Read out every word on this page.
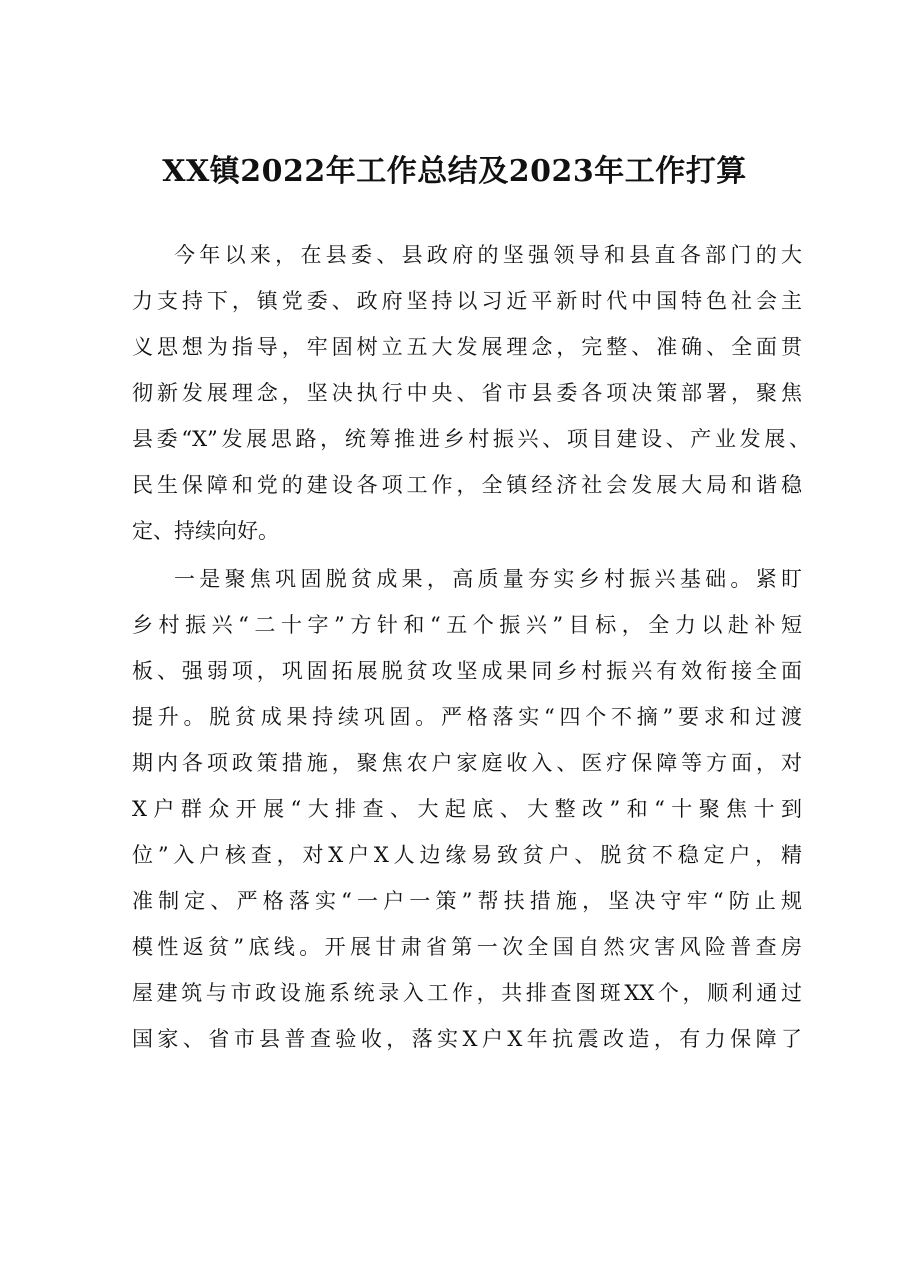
XX镇2022年工作总结及2023年工作打算
今年以来，在县委、县政府的坚强领导和县直各部门的大
力支持下，镇党委、政府坚持以习近平新时代中国特色社会主
义思想为指导，牢固树立五大发展理念，完整、准确、全面贯
彻新发展理念，坚决执行中央、省市县委各项决策部署，聚焦
县委“X”发展思路，统筹推进乡村振兴、项目建设、产业发展、
民生保障和党的建设各项工作，全镇经济社会发展大局和谐稳
定、持续向好。
一是聚焦巩固脱贫成果，高质量夯实乡村振兴基础。紧盯
乡村振兴“二十字”方针和“五个振兴”目标，全力以赴补短
板、强弱项，巩固拓展脱贫攻坚成果同乡村振兴有效衔接全面
提升。脱贫成果持续巩固。严格落实“四个不摘”要求和过渡
期内各项政策措施，聚焦农户家庭收入、医疗保障等方面，对
X户群众开展“大排查、大起底、大整改”和“十聚焦十到
位”入户核查，对X户X人边缘易致贫户、脱贫不稳定户，精
准制定、严格落实“一户一策”帮扶措施，坚决守牢“防止规
模性返贫”底线。开展甘肃省第一次全国自然灾害风险普查房
屋建筑与市政设施系统录入工作，共排查图斑XX个，顺利通过
国家、省市县普查验收，落实X户X年抗震改造，有力保障了
